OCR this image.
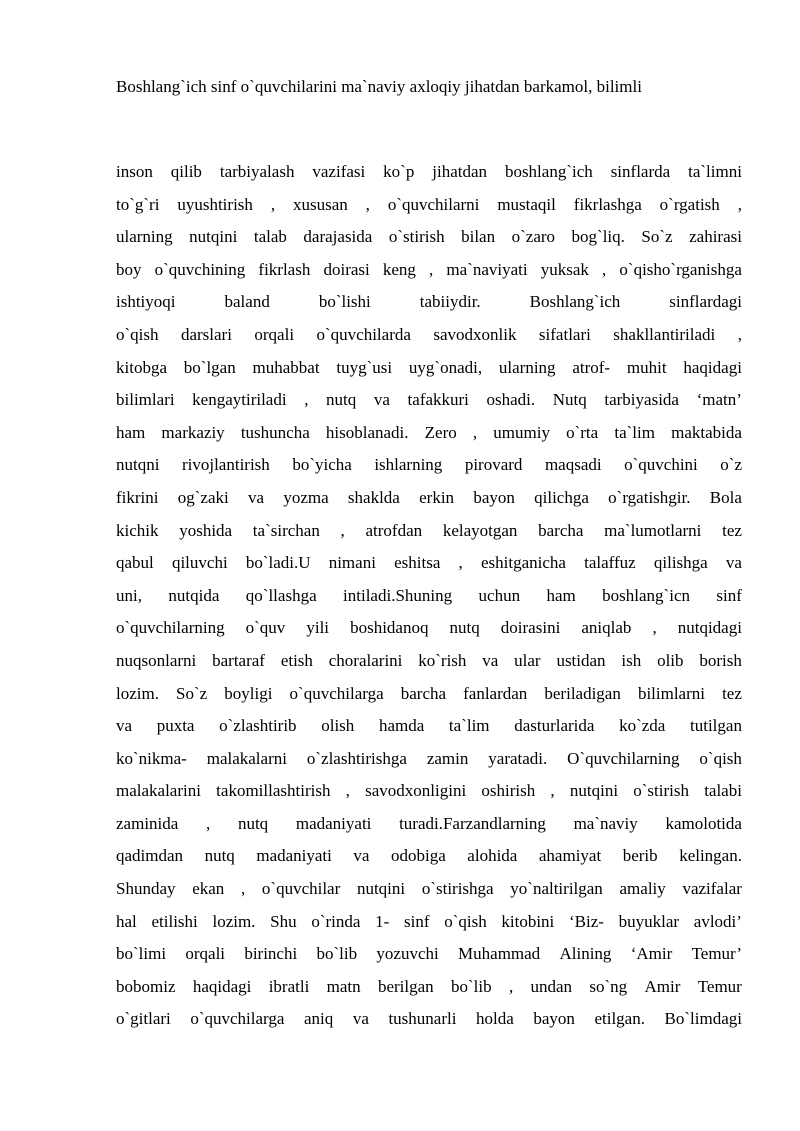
Boshlang`ich sinf o`quvchilarini ma`naviy axloqiy jihatdan barkamol, bilimli
inson qilib tarbiyalash vazifasi ko`p jihatdan boshlang`ich sinflarda ta`limni
to`g`ri uyushtirish , xususan , o`quvchilarni mustaqil fikrlashga o`rgatish ,
ularning nutqini talab darajasida o`stirish bilan o`zaro bog`liq. So`z zahirasi
boy o`quvchining fikrlash doirasi keng , ma`naviyati yuksak , o`qisho`rganishga
ishtiyoqi	baland	bo`lishi	tabiiydir.	Boshlang`ich	sinflardagi
o`qish darslari orqali o`quvchilarda savodxonlik sifatlari shakllantiriladi ,
kitobga bo`lgan muhabbat tuyg`usi uyg`onadi, ularning atrof- muhit haqidagi
bilimlari kengaytiriladi , nutq va tafakkuri oshadi. Nutq tarbiyasida ‘matn’
ham markaziy tushuncha hisoblanadi. Zero , umumiy o`rta ta`lim maktabida
nutqni rivojlantirish bo`yicha ishlarning pirovard maqsadi o`quvchini o`z
fikrini og`zaki va yozma shaklda erkin bayon qilichga o`rgatishgir. Bola
kichik yoshida ta`sirchan , atrofdan kelayotgan barcha ma`lumotlarni tez
qabul qiluvchi bo`ladi.U nimani eshitsa , eshitganicha talaffuz qilishga va
uni, nutqida qo`llashga intiladi.Shuning uchun ham boshlang`icn sinf
o`quvchilarning o`quv yili boshidanoq nutq doirasini aniqlab , nutqidagi
nuqsonlarni bartaraf etish choralarini ko`rish va ular ustidan ish olib borish
lozim. So`z boyligi o`quvchilarga barcha fanlardan beriladigan bilimlarni tez
va puxta o`zlashtirib olish hamda ta`lim dasturlarida ko`zda tutilgan
ko`nikma- malakalarni o`zlashtirishga zamin yaratadi. O`quvchilarning o`qish
malakalarini takomillashtirish , savodxonligini oshirish , nutqini o`stirish talabi
zaminida , nutq madaniyati turadi.Farzandlarning ma`naviy kamolotida
qadimdan nutq madaniyati va odobiga alohida ahamiyat berib kelingan.
Shunday ekan , o`quvchilar nutqini o`stirishga yo`naltirilgan amaliy vazifalar
hal etilishi lozim. Shu o`rinda 1- sinf o`qish kitobini ‘Biz- buyuklar avlodi’
bo`limi orqali birinchi bo`lib yozuvchi Muhammad Alining ‘Amir Temur’
bobomiz haqidagi ibratli matn berilgan bo`lib , undan so`ng Amir Temur
o`gitlari o`quvchilarga aniq va tushunarli holda bayon etilgan. Bo`limdagi
